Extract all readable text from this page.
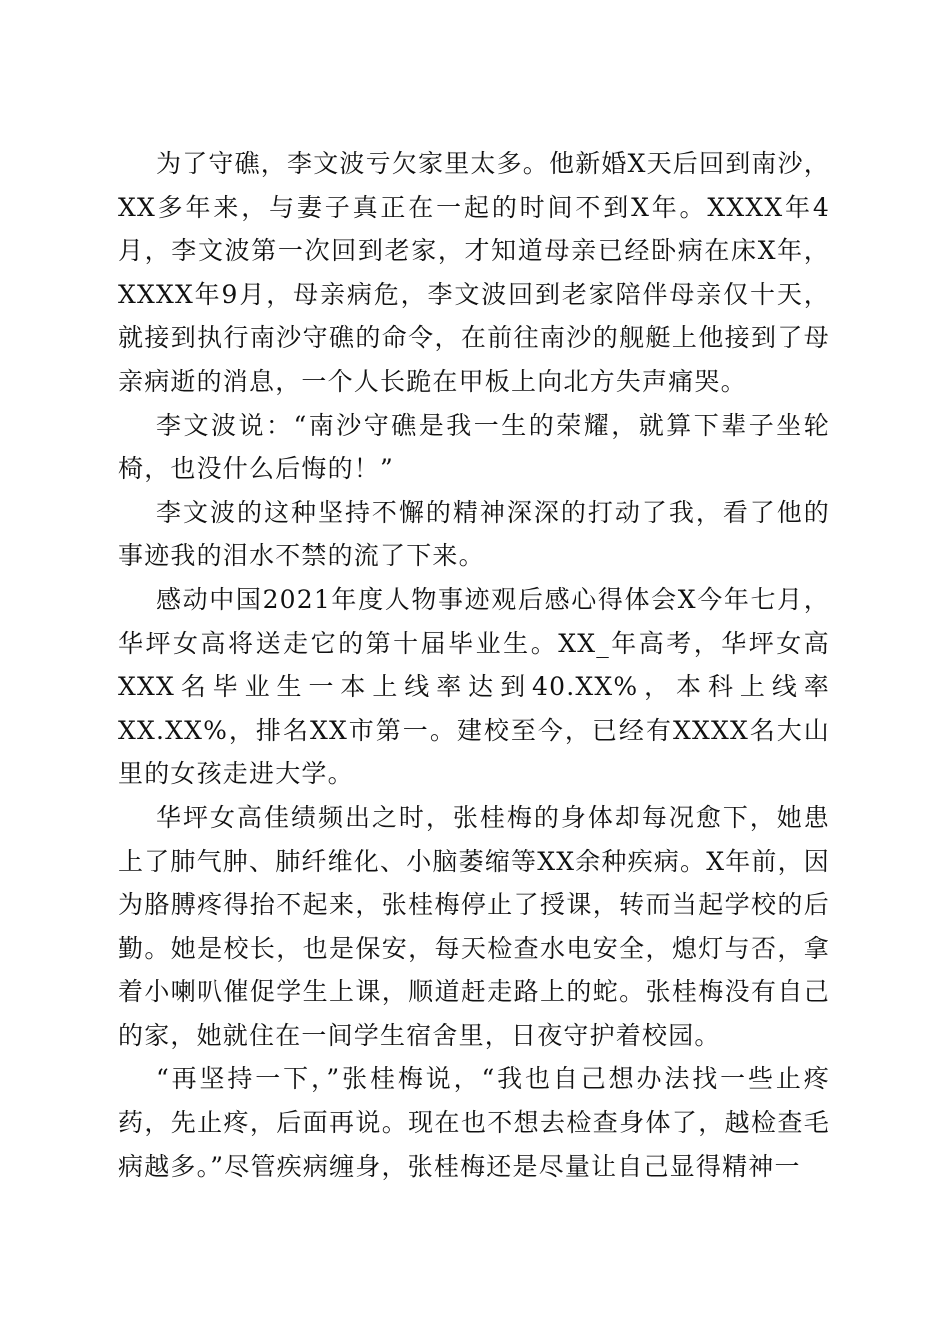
为了守礁，李文波亏欠家里太多。他新婚X天后回到南沙，XX多年来，与妻子真正在一起的时间不到X年。XXXX年4月，李文波第一次回到老家，才知道母亲已经卧病在床X年，XXXX年9月，母亲病危，李文波回到老家陪伴母亲仅十天，就接到执行南沙守礁的命令，在前往南沙的舰艇上他接到了母亲病逝的消息，一个人长跪在甲板上向北方失声痛哭。

李文波说：“南沙守礁是我一生的荣耀，就算下辈子坐轮椅，也没什么后悔的！”

李文波的这种坚持不懈的精神深深的打动了我，看了他的事迹我的泪水不禁的流了下来。

感动中国2021年度人物事迹观后感心得体会X今年七月，华坪女高将送走它的第十届毕业生。XX_年高考，华坪女高XXX名毕业生一本上线率达到40.XX%，本科上线率XX.XX%，排名XX市第一。建校至今，已经有XXXX名大山里的女孩走进大学。

华坪女高佳绩频出之时，张桂梅的身体却每况愈下，她患上了肺气肿、肺纤维化、小脑萎缩等XX余种疾病。X年前，因为胳膊疼得抬不起来，张桂梅停止了授课，转而当起学校的后勤。她是校长，也是保安，每天检查水电安全，熄灯与否，拿着小喇叭催促学生上课，顺道赶走路上的蛇。张桂梅没有自己的家，她就住在一间学生宿舍里，日夜守护着校园。

“再坚持一下，”张桂梅说，“我也自己想办法找一些止疼药，先止疼，后面再说。现在也不想去检查身体了，越检查毛病越多。”尽管疾病缠身，张桂梅还是尽量让自己显得精神一
